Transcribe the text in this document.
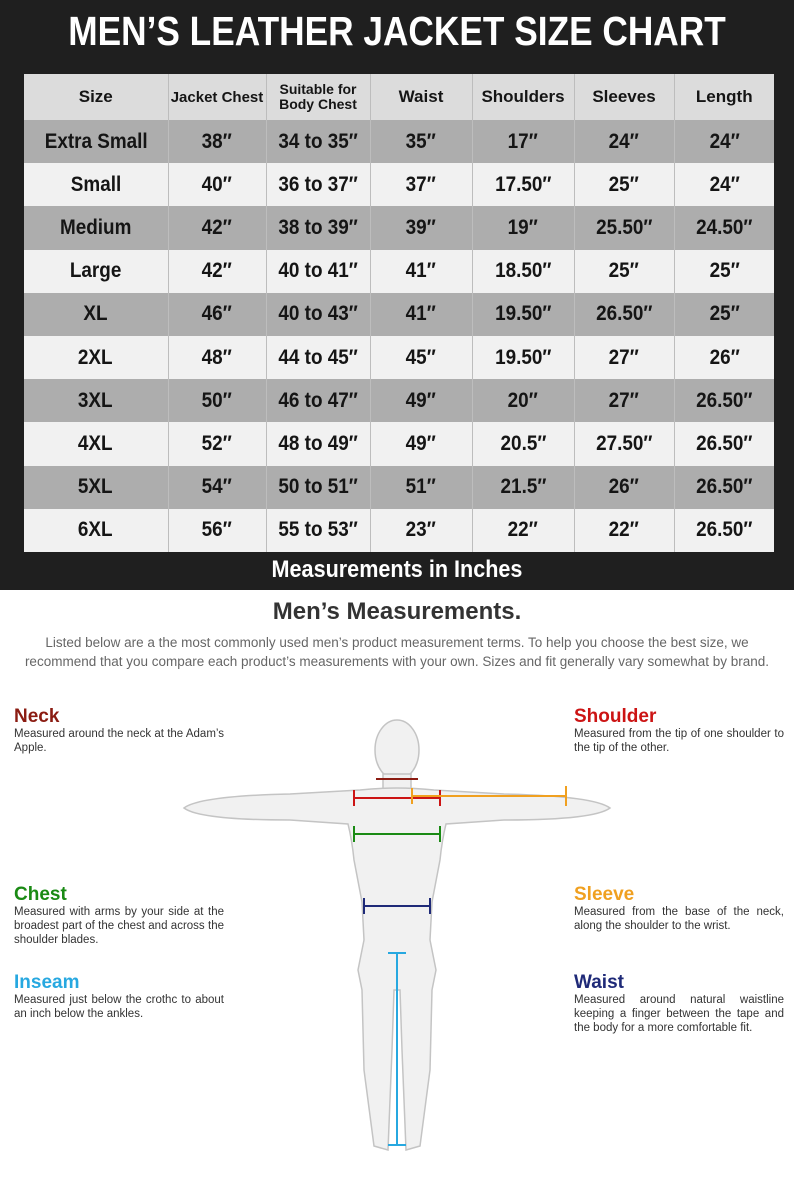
MEN’S LEATHER JACKET SIZE CHART
Size	Jacket Chest	Suitable for
Body Chest	Waist	Shoulders	Sleeves	Length
Extra Small	38″	34 to 35″	35″	17″	24″	24″
Small	40″	36 to 37″	37″	17.50″	25″	24″
Medium	42″	38 to 39″	39″	19″	25.50″	24.50″
Large	42″	40 to 41″	41″	18.50″	25″	25″
XL	46″	40 to 43″	41″	19.50″	26.50″	25″
2XL	48″	44 to 45″	45″	19.50″	27″	26″
3XL	50″	46 to 47″	49″	20″	27″	26.50″
4XL	52″	48 to 49″	49″	20.5″	27.50″	26.50″
5XL	54″	50 to 51″	51″	21.5″	26″	26.50″
6XL	56″	55 to 53″	23″	22″	22″	26.50″
Measurements in Inches
Men’s Measurements.
Listed below are a the most commonly used men’s product measurement terms. To help you choose the best size, we recommend that you compare each product’s measurements with your own. Sizes and fit generally vary somewhat by brand.
Neck
Measured around the neck at the Adam’s Apple.
Shoulder
Measured from the tip of one shoulder to the tip of the other.
Chest
Measured with arms by your side at the broadest part of the chest and across the shoulder blades.
Sleeve
Measured from the base of the neck, along the shoulder to the wrist.
Inseam
Measured just below the crothc to about an inch below the ankles.
Waist
Measured around natural waistline keeping a finger between the tape and the body for a more comfortable fit.
